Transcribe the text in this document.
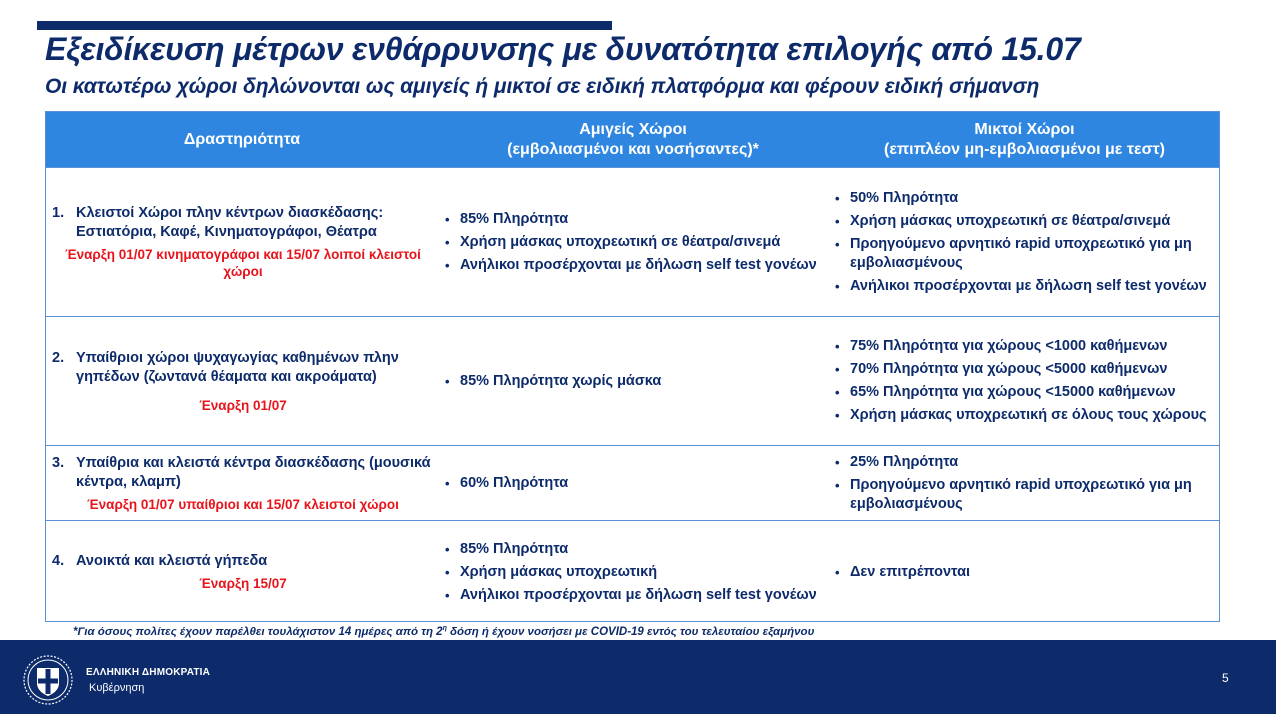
Εξειδίκευση μέτρων ενθάρρυνσης με δυνατότητα επιλογής από 15.07
Οι κατωτέρω χώροι δηλώνονται ως αμιγείς ή μικτοί σε ειδική πλατφόρμα και φέρουν ειδική σήμανση
Δραστηριότητα
Αμιγείς Χώροι
(εμβολιασμένοι και νοσήσαντες)*
Μικτοί Χώροι
(επιπλέον μη-εμβολιασμένοι με τεστ)
1. Κλειστοί Χώροι πλην κέντρων διασκέδασης: Εστιατόρια, Καφέ, Κινηματογράφοι, Θέατρα
Έναρξη 01/07 κινηματογράφοι και 15/07 λοιποί κλειστοί χώροι
• 85% Πληρότητα
• Χρήση μάσκας υποχρεωτική σε θέατρα/σινεμά
• Ανήλικοι προσέρχονται με δήλωση self test γονέων
• 50% Πληρότητα
• Χρήση μάσκας υποχρεωτική σε θέατρα/σινεμά
• Προηγούμενο αρνητικό rapid υποχρεωτικό για μη εμβολιασμένους
• Ανήλικοι προσέρχονται με δήλωση self test γονέων
2. Υπαίθριοι χώροι ψυχαγωγίας καθημένων πλην γηπέδων (ζωντανά θέαματα και ακροάματα)
Έναρξη 01/07
• 85% Πληρότητα χωρίς μάσκα
• 75% Πληρότητα για χώρους <1000 καθήμενων
• 70% Πληρότητα για χώρους <5000 καθήμενων
• 65% Πληρότητα για χώρους <15000 καθήμενων
• Χρήση μάσκας υποχρεωτική σε όλους τους χώρους
3. Υπαίθρια και κλειστά κέντρα διασκέδασης (μουσικά κέντρα, κλαμπ)
Έναρξη 01/07 υπαίθριοι και 15/07 κλειστοί χώροι
• 60% Πληρότητα
• 25% Πληρότητα
• Προηγούμενο αρνητικό rapid υποχρεωτικό για μη εμβολιασμένους
4. Ανοικτά και κλειστά γήπεδα
Έναρξη 15/07
• 85% Πληρότητα
• Χρήση μάσκας υποχρεωτική
• Ανήλικοι προσέρχονται με δήλωση self test γονέων
• Δεν επιτρέπονται
*Για όσους πολίτες έχουν παρέλθει τουλάχιστον 14 ημέρες από τη $2^\eta$ δόση ή έχουν νοσήσει με COVID-19 εντός του τελευταίου εξαμήνου
ΕΛΛΗΝΙΚΗ ΔΗΜΟΚΡΑΤΙΑ
Κυβέρνηση
5
